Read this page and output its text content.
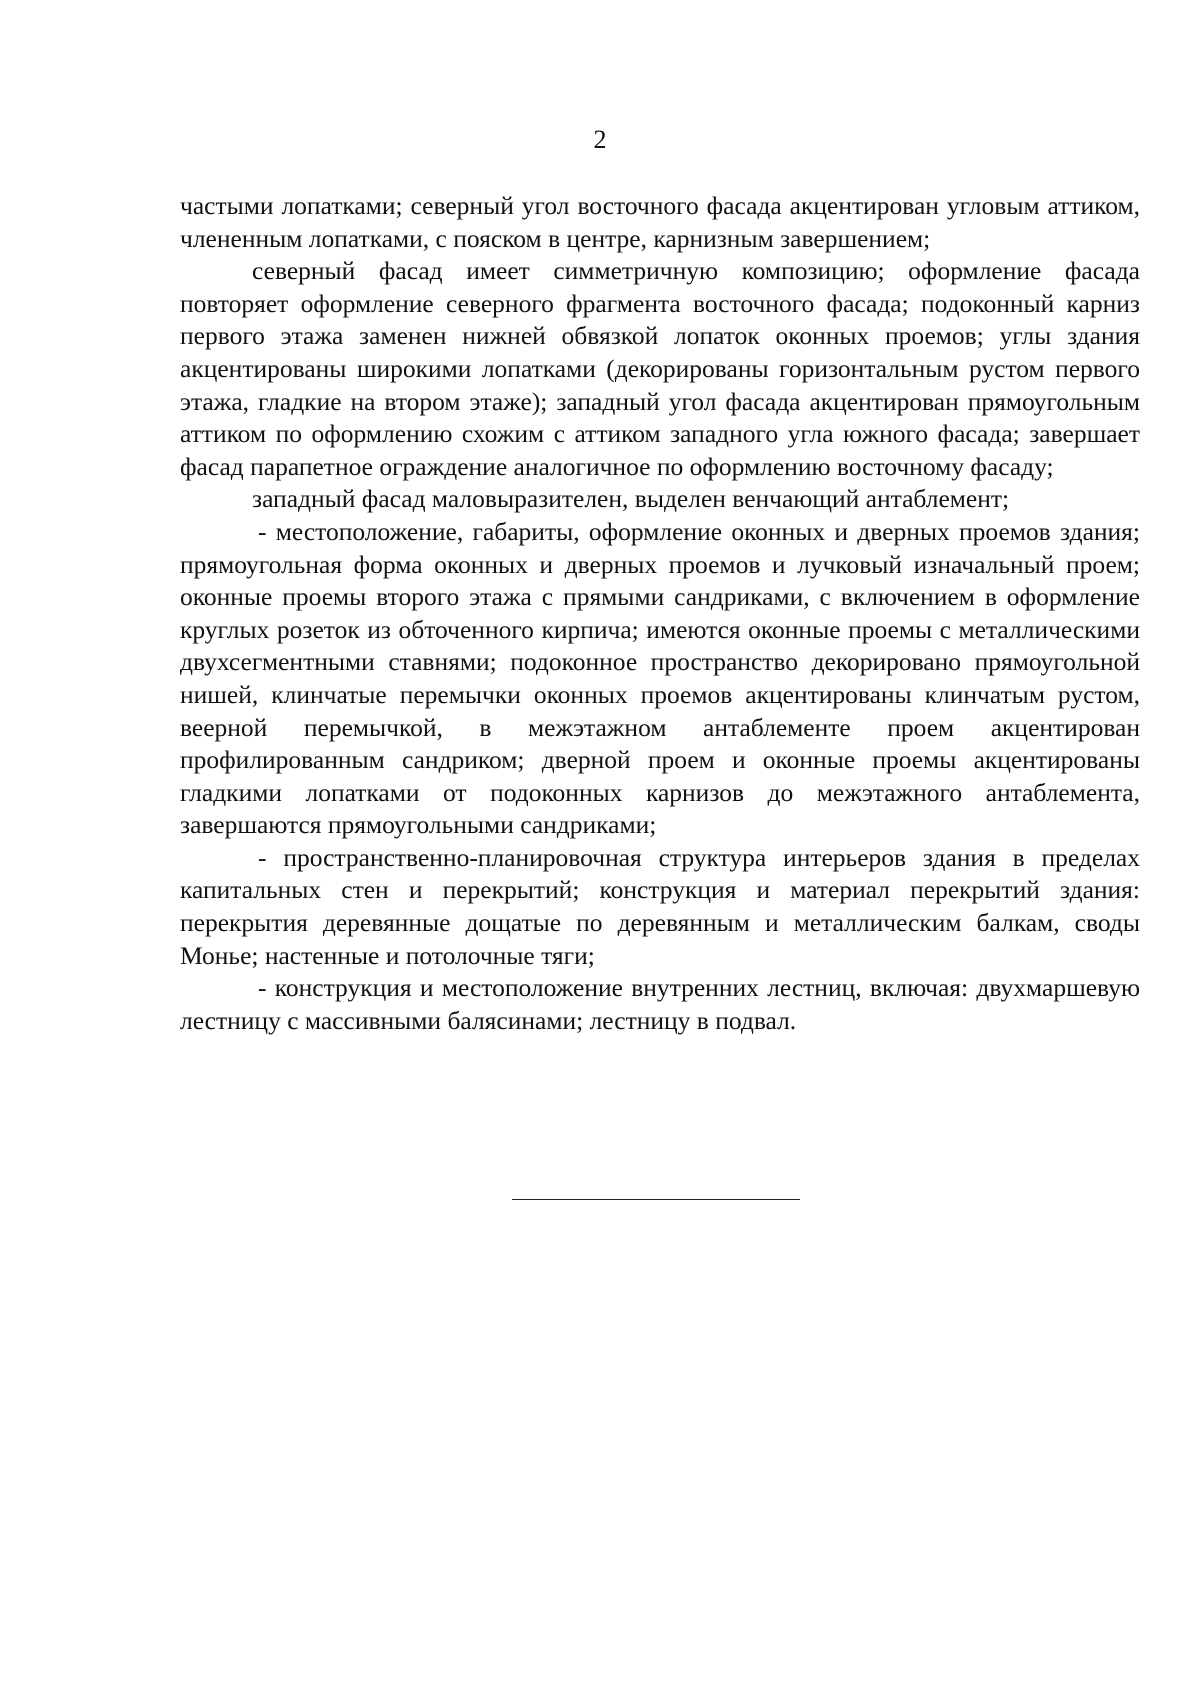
2

частыми лопатками; северный угол восточного фасада акцентирован угловым аттиком, члененным лопатками, с пояском в центре, карнизным завершением;

северный фасад имеет симметричную композицию; оформление фасада повторяет оформление северного фрагмента восточного фасада; подоконный карниз первого этажа заменен нижней обвязкой лопаток оконных проемов; углы здания акцентированы широкими лопатками (декорированы горизонтальным рустом первого этажа, гладкие на втором этаже); западный угол фасада акцентирован прямоугольным аттиком по оформлению схожим с аттиком западного угла южного фасада; завершает фасад парапетное ограждение аналогичное по оформлению восточному фасаду;

западный фасад маловыразителен, выделен венчающий антаблемент;

- местоположение, габариты, оформление оконных и дверных проемов здания; прямоугольная форма оконных и дверных проемов и лучковый изначальный проем; оконные проемы второго этажа с прямыми сандриками, с включением в оформление круглых розеток из обточенного кирпича; имеются оконные проемы с металлическими двухсегментными ставнями; подоконное пространство декорировано прямоугольной нишей, клинчатые перемычки оконных проемов акцентированы клинчатым рустом, веерной перемычкой, в межэтажном антаблементе проем акцентирован профилированным сандриком; дверной проем и оконные проемы акцентированы гладкими лопатками от подоконных карнизов до межэтажного антаблемента, завершаются прямоугольными сандриками;

- пространственно-планировочная структура интерьеров здания в пределах капитальных стен и перекрытий; конструкция и материал перекрытий здания: перекрытия деревянные дощатые по деревянным и металлическим балкам, своды Монье; настенные и потолочные тяги;

- конструкция и местоположение внутренних лестниц, включая: двухмаршевую лестницу с массивными балясинами; лестницу в подвал.
